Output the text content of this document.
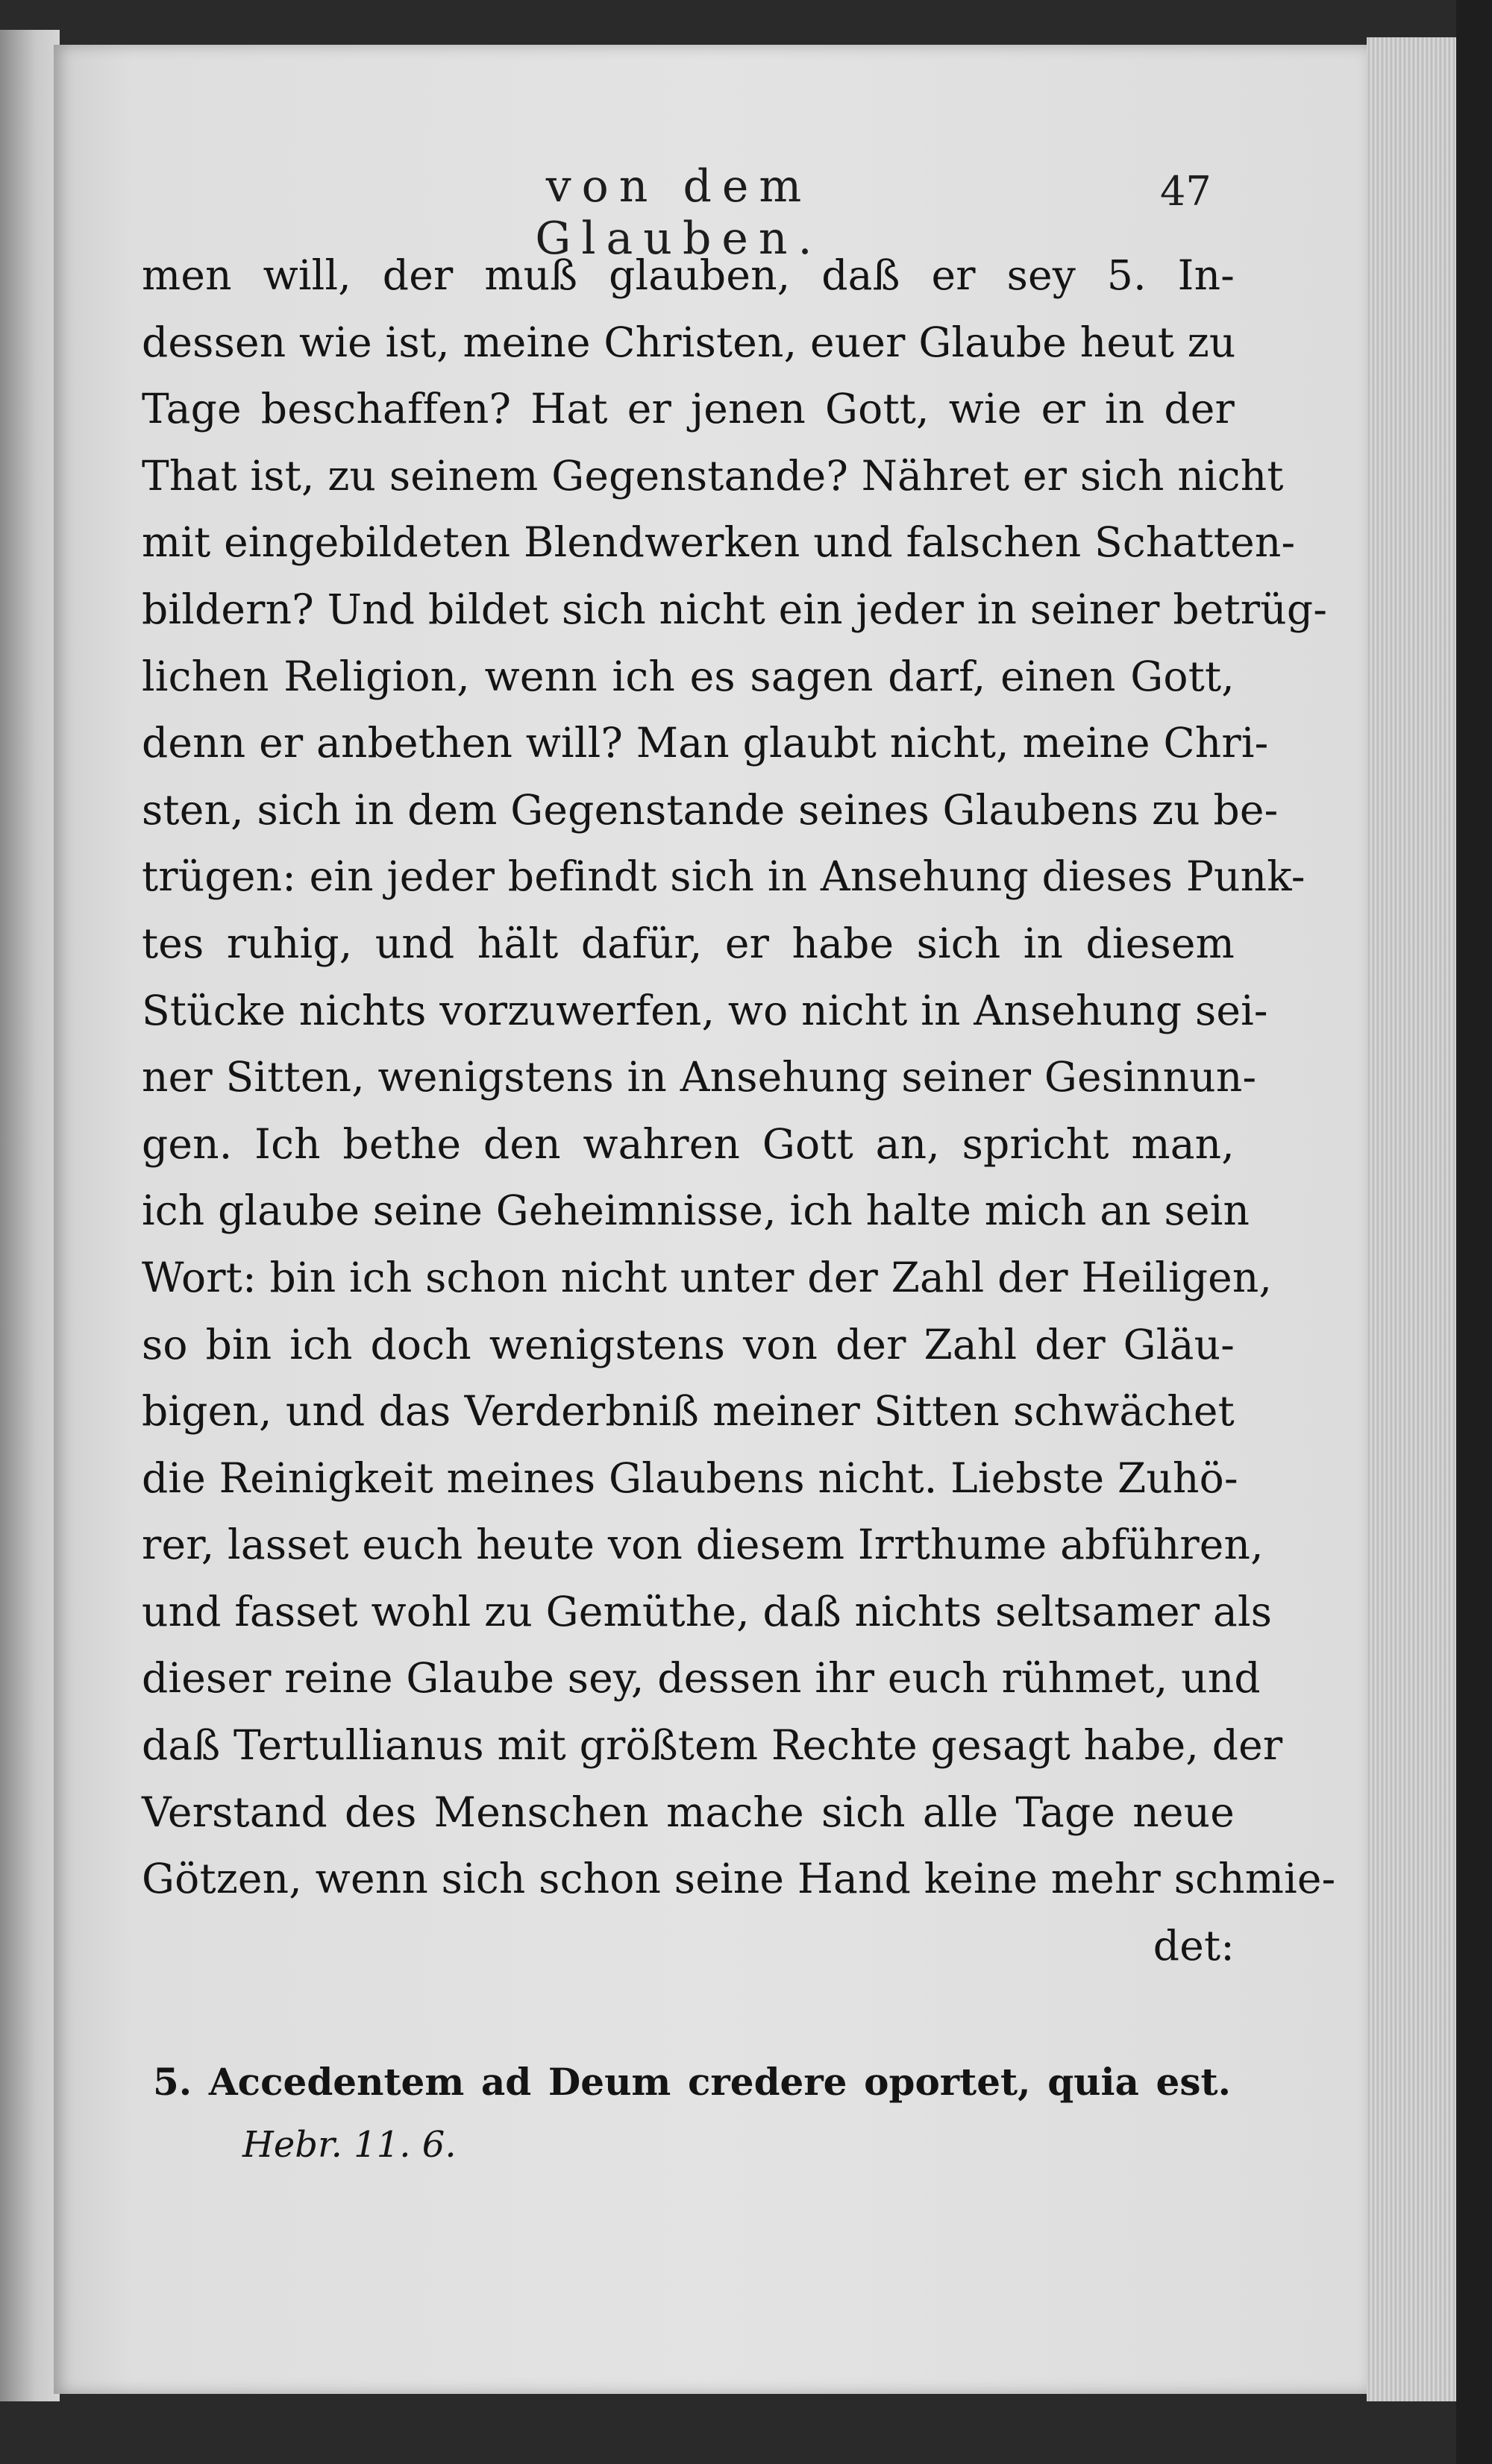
von dem Glauben.
47
men will, der muß glauben, daß er sey 5. In-
dessen wie ist, meine Christen, euer Glaube heut zu
Tage beschaffen? Hat er jenen Gott, wie er in der
That ist, zu seinem Gegenstande? Nähret er sich nicht
mit eingebildeten Blendwerken und falschen Schatten-
bildern? Und bildet sich nicht ein jeder in seiner betrüg-
lichen Religion, wenn ich es sagen darf, einen Gott,
denn er anbethen will? Man glaubt nicht, meine Chri-
sten, sich in dem Gegenstande seines Glaubens zu be-
trügen: ein jeder befindt sich in Ansehung dieses Punk-
tes ruhig, und hält dafür, er habe sich in diesem
Stücke nichts vorzuwerfen, wo nicht in Ansehung sei-
ner Sitten, wenigstens in Ansehung seiner Gesinnun-
gen. Ich bethe den wahren Gott an, spricht man,
ich glaube seine Geheimnisse, ich halte mich an sein
Wort: bin ich schon nicht unter der Zahl der Heiligen,
so bin ich doch wenigstens von der Zahl der Gläu-
bigen, und das Verderbniß meiner Sitten schwächet
die Reinigkeit meines Glaubens nicht. Liebste Zuhö-
rer, lasset euch heute von diesem Irrthume abführen,
und fasset wohl zu Gemüthe, daß nichts seltsamer als
dieser reine Glaube sey, dessen ihr euch rühmet, und
daß Tertullianus mit größtem Rechte gesagt habe, der
Verstand des Menschen mache sich alle Tage neue
Götzen, wenn sich schon seine Hand keine mehr schmie-
det:
5. Accedentem ad Deum credere oportet, quia est.
Hebr. 11. 6.
